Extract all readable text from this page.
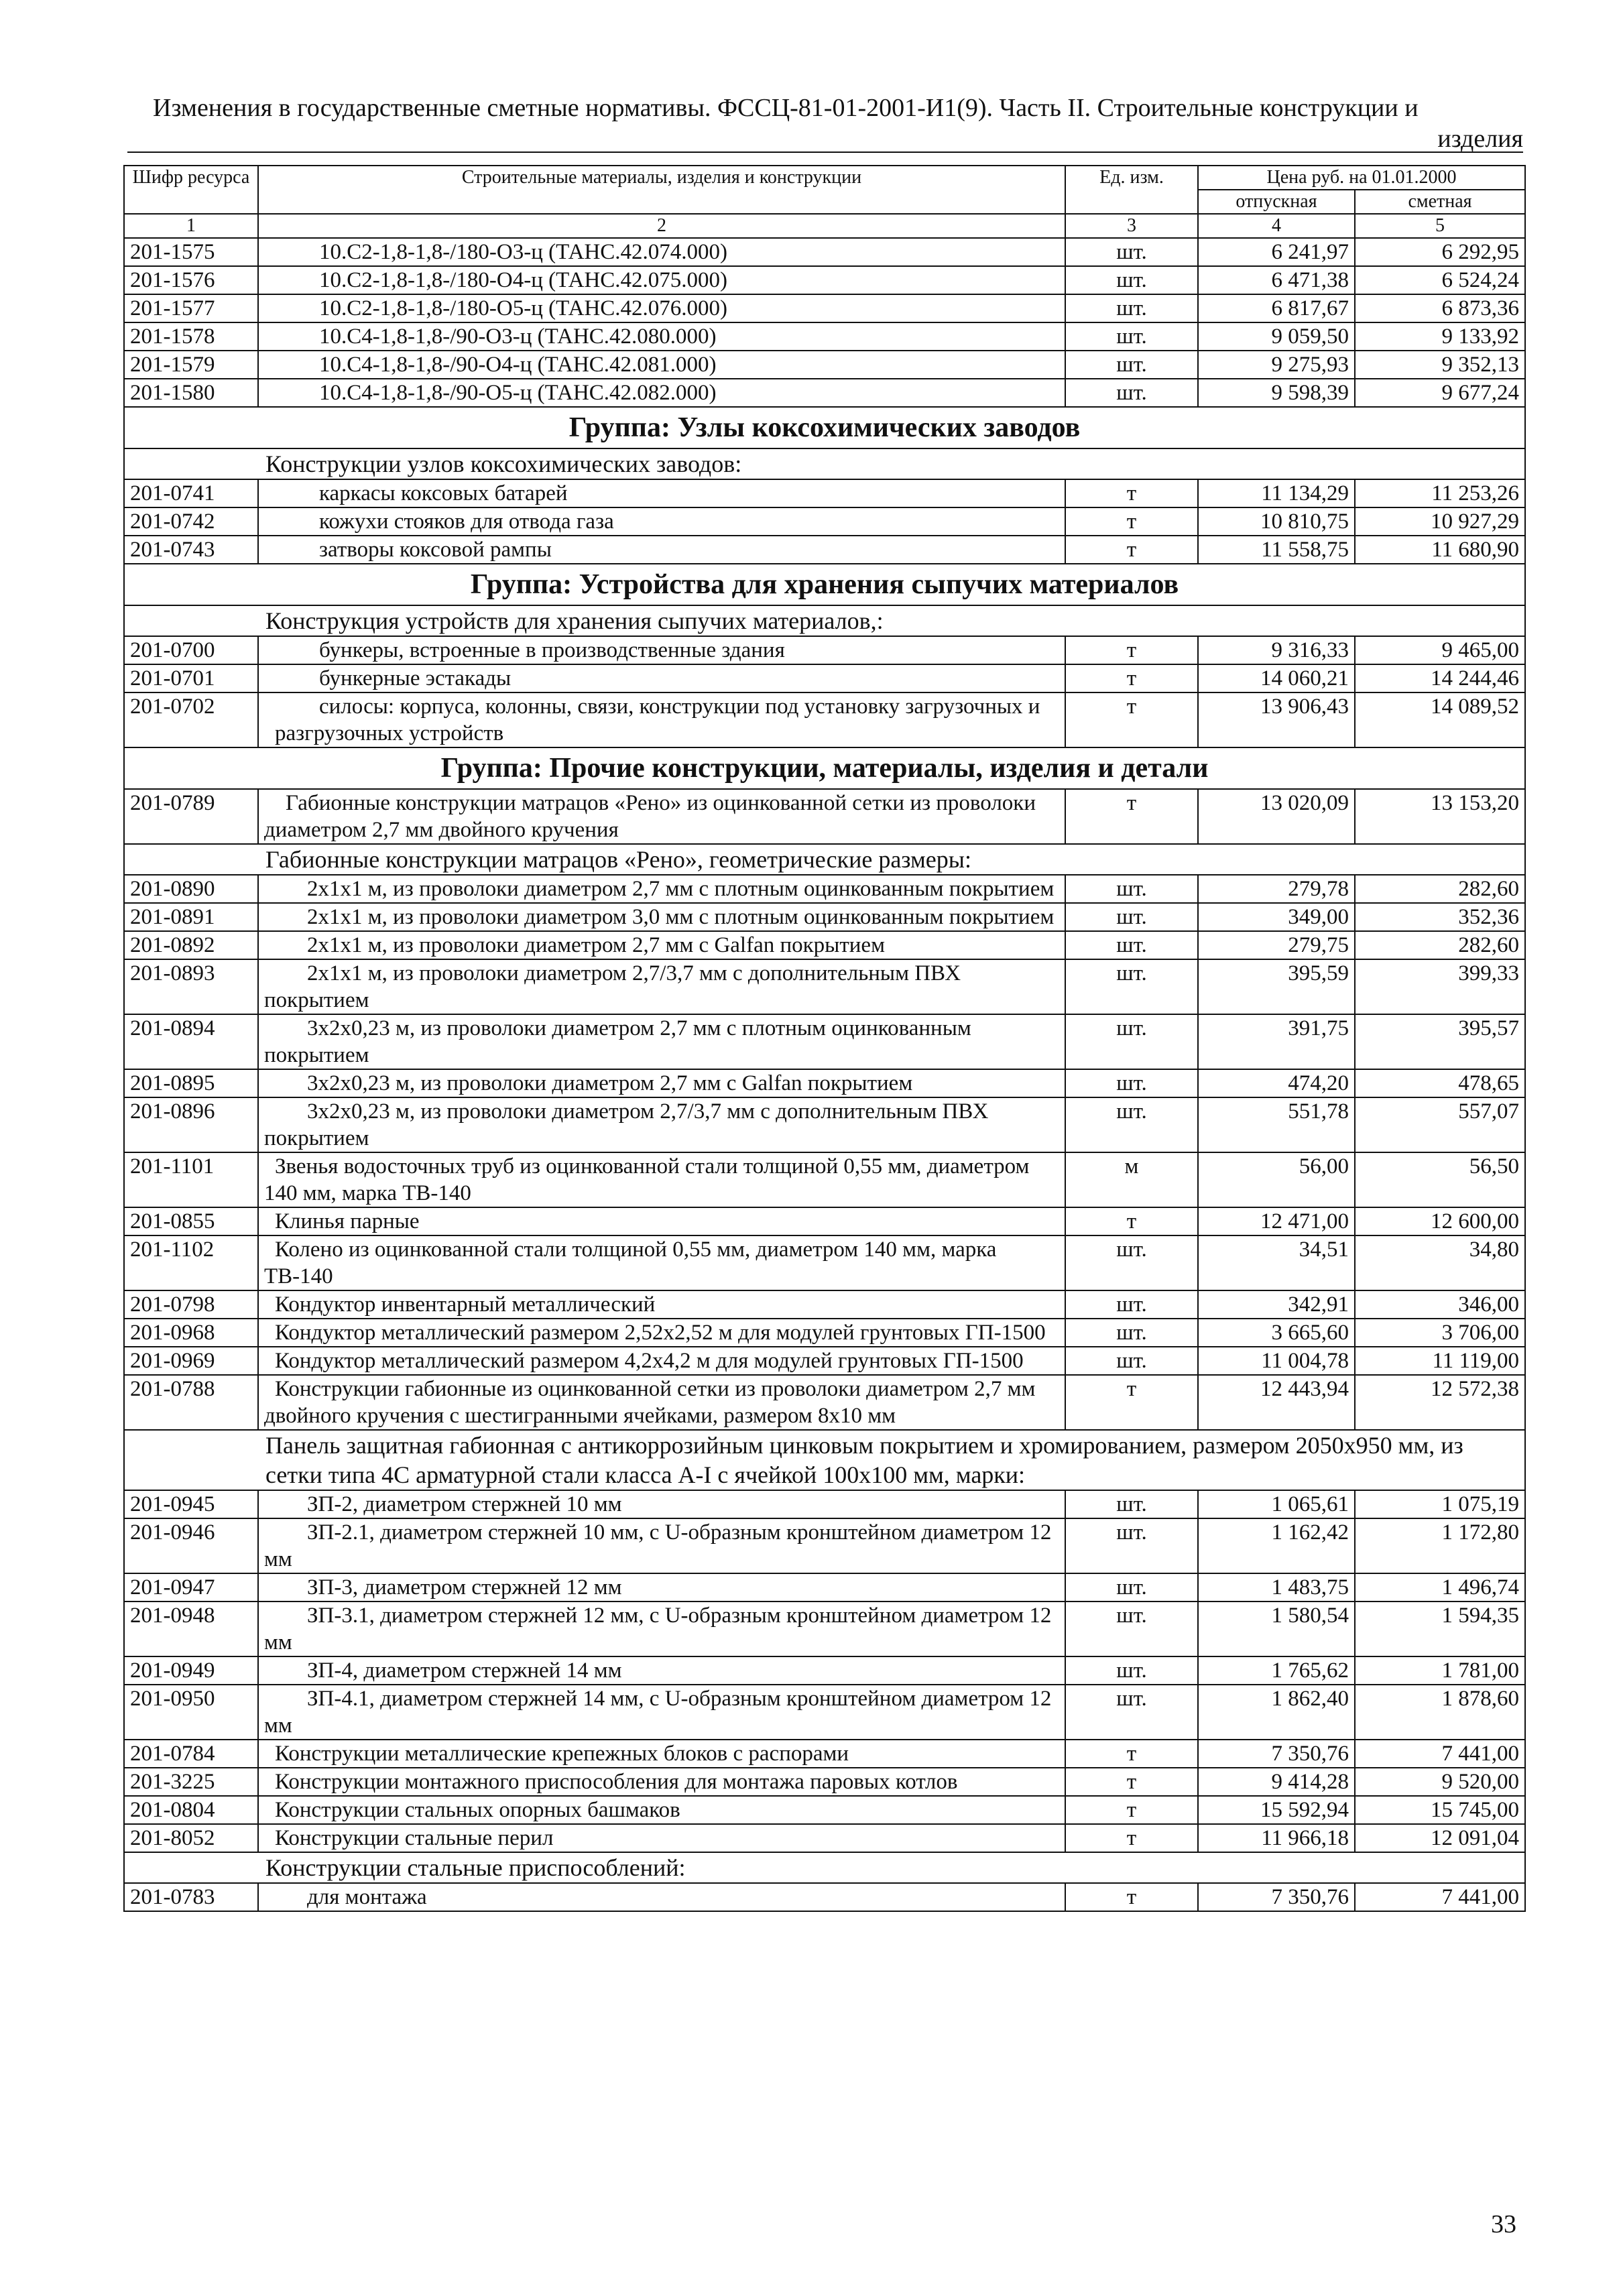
Изменения в государственные сметные нормативы. ФССЦ-81-01-2001-И1(9). Часть II. Строительные конструкции и
изделия
Шифр ресурса	Строительные материалы, изделия и конструкции	Ед. изм.	Цена руб. на 01.01.2000	
			отпускная	сметная
1	2	3	4	5
201-1575	10.С2-1,8-1,8-/180-О3-ц (ТАНС.42.074.000)	шт.	6 241,97	6 292,95
201-1576	10.С2-1,8-1,8-/180-О4-ц (ТАНС.42.075.000)	шт.	6 471,38	6 524,24
201-1577	10.С2-1,8-1,8-/180-О5-ц (ТАНС.42.076.000)	шт.	6 817,67	6 873,36
201-1578	10.С4-1,8-1,8-/90-О3-ц (ТАНС.42.080.000)	шт.	9 059,50	9 133,92
201-1579	10.С4-1,8-1,8-/90-О4-ц (ТАНС.42.081.000)	шт.	9 275,93	9 352,13
201-1580	10.С4-1,8-1,8-/90-О5-ц (ТАНС.42.082.000)	шт.	9 598,39	9 677,24
Группа: Узлы коксохимических заводов				
Конструкции узлов коксохимических заводов:				
201-0741	каркасы коксовых батарей	т	11 134,29	11 253,26
201-0742	кожухи стояков для отвода газа	т	10 810,75	10 927,29
201-0743	затворы коксовой рампы	т	11 558,75	11 680,90
Группа: Устройства для хранения сыпучих материалов				
Конструкция устройств для хранения сыпучих материалов,:				
201-0700	бункеры, встроенные в производственные здания	т	9 316,33	9 465,00
201-0701	бункерные эстакады	т	14 060,21	14 244,46
201-0702	силосы: корпуса, колонны, связи, конструкции под установку загрузочных и разгрузочных устройств	т	13 906,43	14 089,52
Группа: Прочие конструкции, материалы, изделия и детали				
201-0789	Габионные конструкции матрацов «Рено» из оцинкованной сетки из проволоки диаметром 2,7 мм двойного кручения	т	13 020,09	13 153,20
Габионные конструкции матрацов «Рено», геометрические размеры:				
201-0890	2х1х1 м, из проволоки диаметром 2,7 мм с плотным оцинкованным покрытием	шт.	279,78	282,60
201-0891	2х1х1 м, из проволоки диаметром 3,0 мм с плотным оцинкованным покрытием	шт.	349,00	352,36
201-0892	2х1х1 м, из проволоки диаметром 2,7 мм с Galfan покрытием	шт.	279,75	282,60
201-0893	2х1х1 м, из проволоки диаметром 2,7/3,7 мм с дополнительным ПВХ покрытием	шт.	395,59	399,33
201-0894	3х2х0,23 м, из проволоки диаметром 2,7 мм с плотным оцинкованным покрытием	шт.	391,75	395,57
201-0895	3х2х0,23 м, из проволоки диаметром 2,7 мм с Galfan покрытием	шт.	474,20	478,65
201-0896	3х2х0,23 м, из проволоки диаметром 2,7/3,7 мм с дополнительным ПВХ покрытием	шт.	551,78	557,07
201-1101	Звенья водосточных труб из оцинкованной стали толщиной 0,55 мм, диаметром 140 мм, марка ТВ-140	м	56,00	56,50
201-0855	Клинья парные	т	12 471,00	12 600,00
201-1102	Колено из оцинкованной стали толщиной 0,55 мм, диаметром 140 мм, марка ТВ-140	шт.	34,51	34,80
201-0798	Кондуктор инвентарный металлический	шт.	342,91	346,00
201-0968	Кондуктор металлический размером 2,52х2,52 м для модулей грунтовых ГП-1500	шт.	3 665,60	3 706,00
201-0969	Кондуктор металлический размером 4,2х4,2 м для модулей грунтовых ГП-1500	шт.	11 004,78	11 119,00
201-0788	Конструкции габионные из оцинкованной сетки из проволоки диаметром 2,7 мм двойного кручения с шестигранными ячейками, размером 8х10 мм	т	12 443,94	12 572,38
Панель защитная габионная с антикоррозийным цинковым покрытием и хромированием, размером 2050х950 мм, из сетки типа 4С арматурной стали класса А-I с ячейкой 100х100 мм, марки:				
201-0945	ЗП-2, диаметром стержней 10 мм	шт.	1 065,61	1 075,19
201-0946	ЗП-2.1, диаметром стержней 10 мм, с U-образным кронштейном диаметром 12 мм	шт.	1 162,42	1 172,80
201-0947	ЗП-3, диаметром стержней 12 мм	шт.	1 483,75	1 496,74
201-0948	ЗП-3.1, диаметром стержней 12 мм, с U-образным кронштейном диаметром 12 мм	шт.	1 580,54	1 594,35
201-0949	ЗП-4, диаметром стержней 14 мм	шт.	1 765,62	1 781,00
201-0950	ЗП-4.1, диаметром стержней 14 мм, с U-образным кронштейном диаметром 12 мм	шт.	1 862,40	1 878,60
201-0784	Конструкции металлические крепежных блоков с распорами	т	7 350,76	7 441,00
201-3225	Конструкции монтажного приспособления для монтажа паровых котлов	т	9 414,28	9 520,00
201-0804	Конструкции стальных опорных башмаков	т	15 592,94	15 745,00
201-8052	Конструкции стальные перил	т	11 966,18	12 091,04
Конструкции стальные приспособлений:				
201-0783	для монтажа	т	7 350,76	7 441,00
33
